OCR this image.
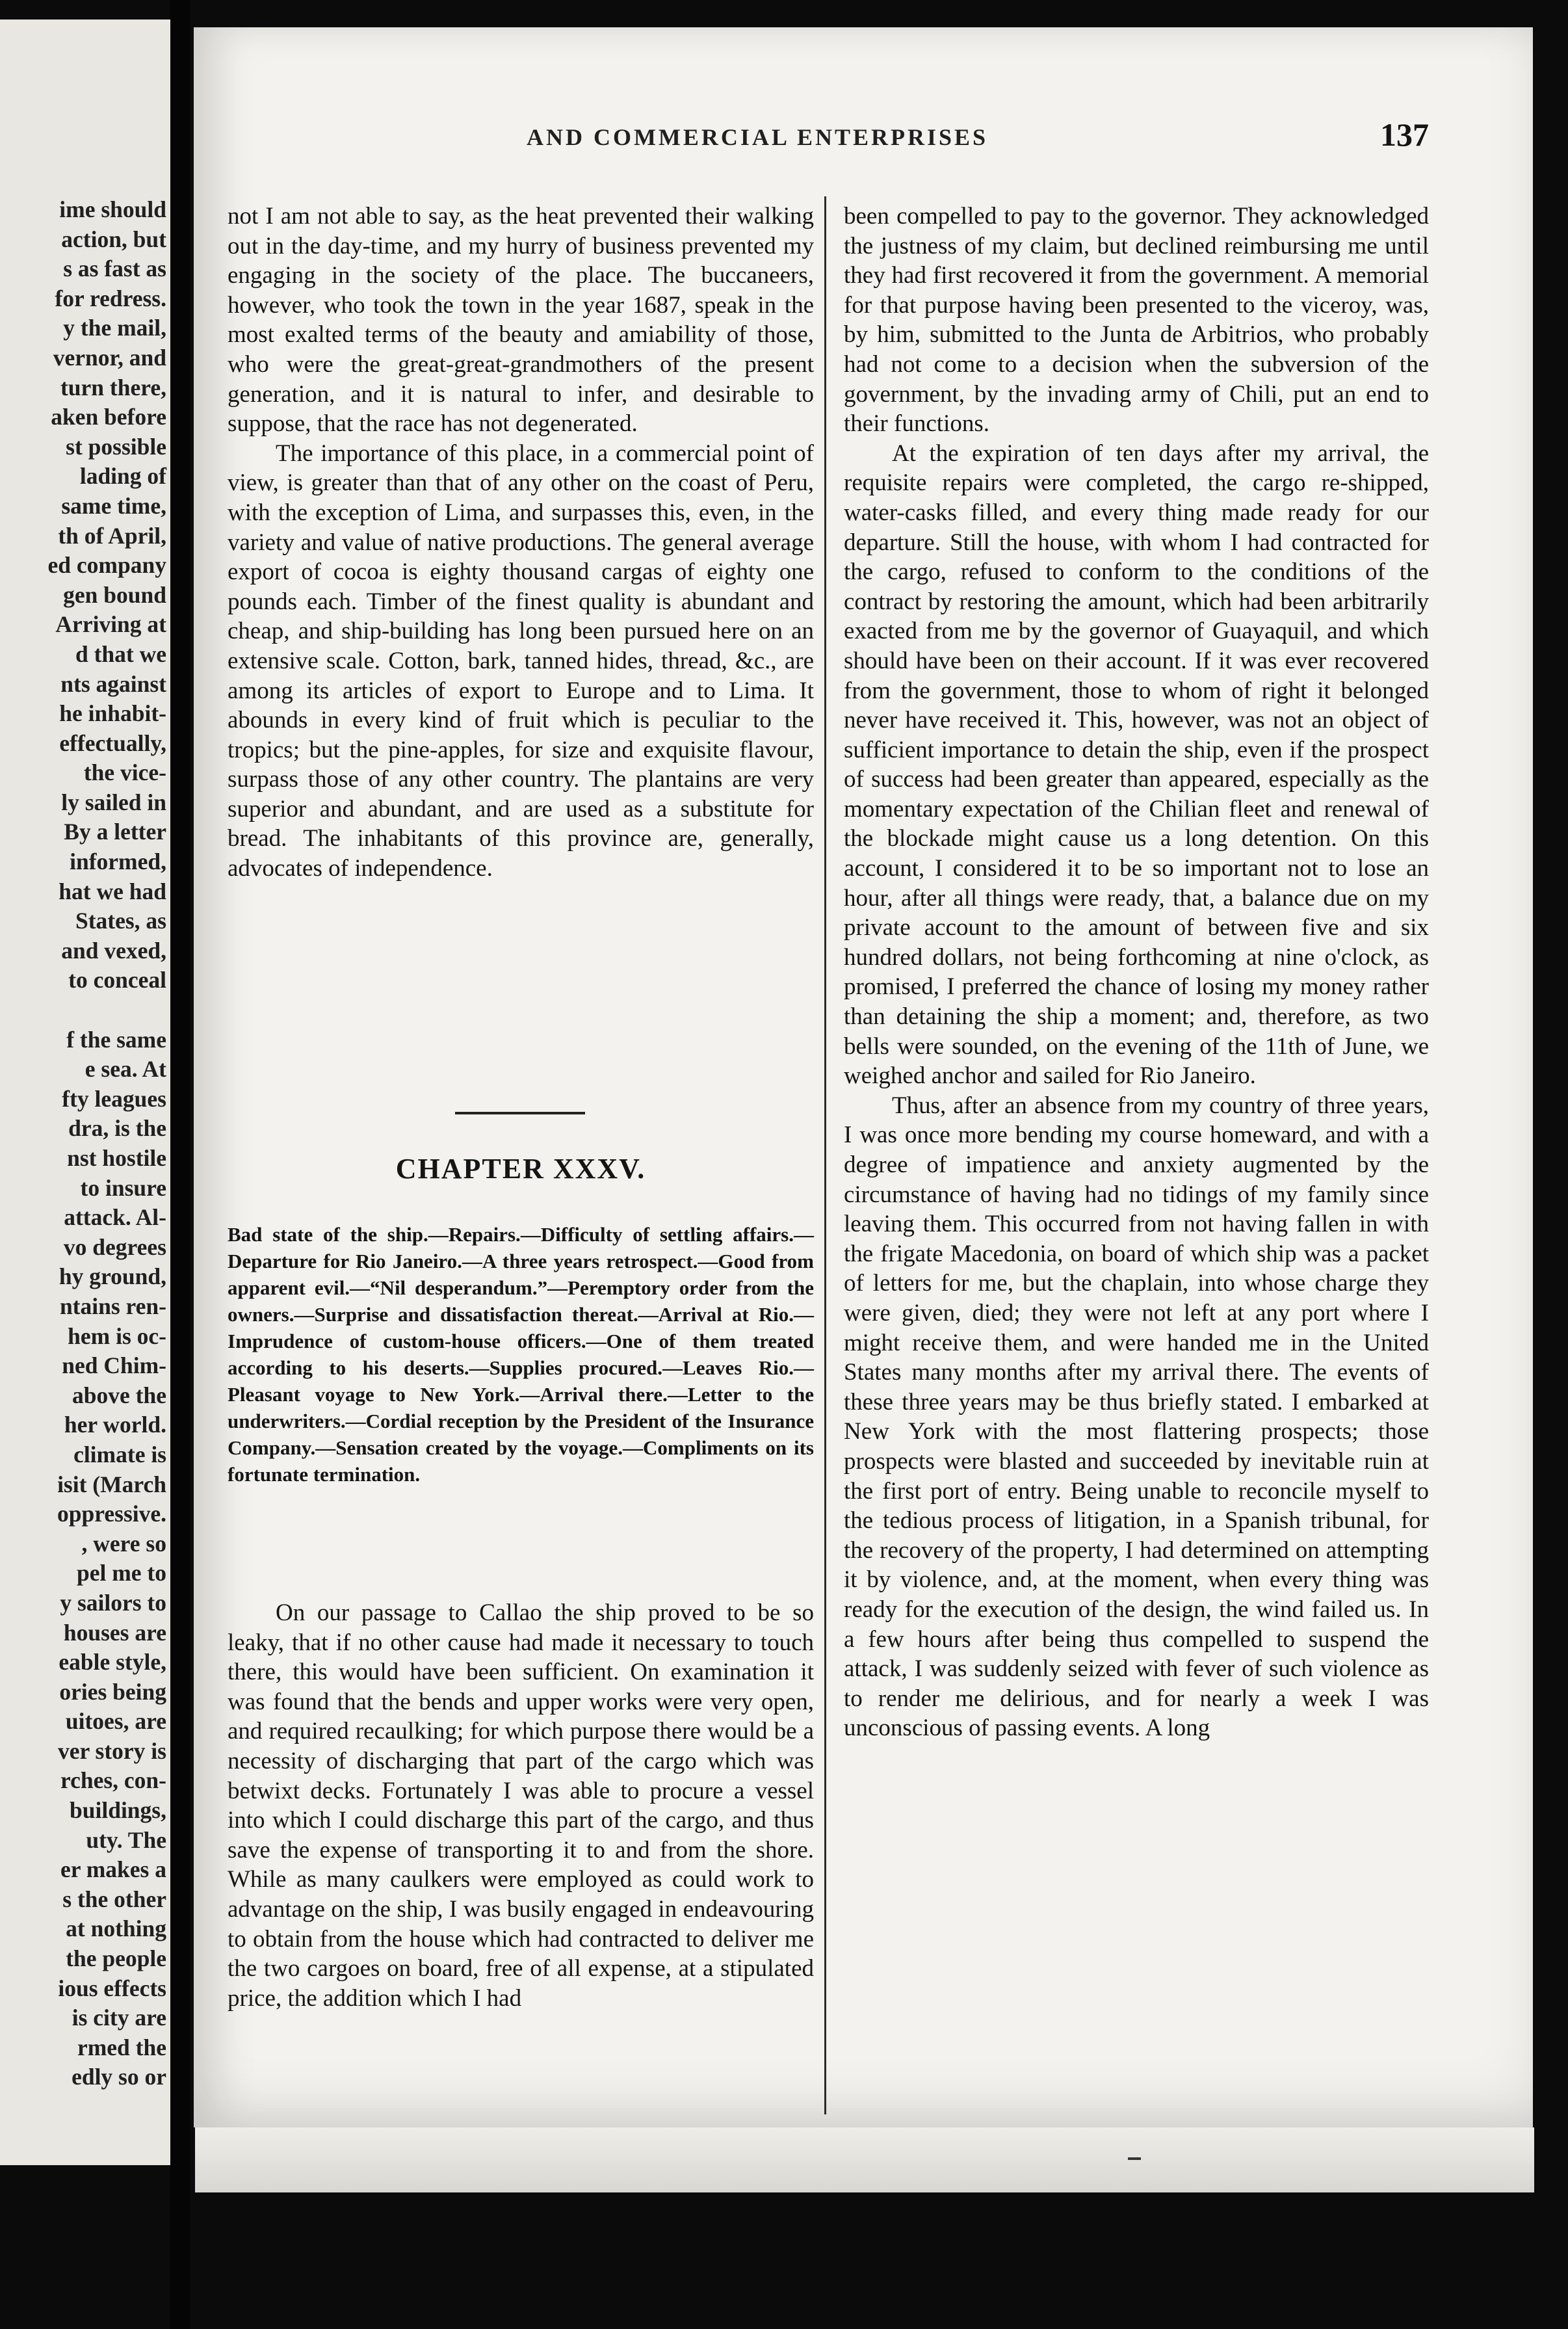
ime should
action, but
s as fast as
for redress.
y the mail,
vernor, and
turn there,
aken before
st possible
lading of
same time,
th of April,
ed company
gen bound
Arriving at
d that we
nts against
he inhabit-
effectually,
the vice-
ly sailed in
By a letter
informed,
hat we had
States, as
and vexed,
to conceal
f the same
e sea. At
fty leagues
dra, is the
nst hostile
to insure
attack. Al-
vo degrees
hy ground,
ntains ren-
hem is oc-
ned Chim-
above the
her world.
climate is
isit (March
oppressive.
, were so
pel me to
y sailors to
houses are
eable style,
ories being
uitoes, are
ver story is
rches, con-
buildings,
uty. The
er makes a
s the other
at nothing
the people
ious effects
is city are
rmed the
edly so or
AND COMMERCIAL ENTERPRISES	137

not I am not able to say, as the heat prevented their walking out in the day-time, and my hurry of business prevented my engaging in the society of the place. The buccaneers, however, who took the town in the year 1687, speak in the most exalted terms of the beauty and amiability of those, who were the great-great-grandmothers of the present generation, and it is natural to infer, and desirable to suppose, that the race has not degenerated.

The importance of this place, in a commercial point of view, is greater than that of any other on the coast of Peru, with the exception of Lima, and surpasses this, even, in the variety and value of native productions. The general average export of cocoa is eighty thousand cargas of eighty one pounds each. Timber of the finest quality is abundant and cheap, and ship-building has long been pursued here on an extensive scale. Cotton, bark, tanned hides, thread, &c., are among its articles of export to Europe and to Lima. It abounds in every kind of fruit which is peculiar to the tropics; but the pine-apples, for size and exquisite flavour, surpass those of any other country. The plantains are very superior and abundant, and are used as a substitute for bread. The inhabitants of this province are, generally, advocates of independence.

CHAPTER XXXV.
Bad state of the ship.—Repairs.—Difficulty of settling affairs.—Departure for Rio Janeiro.—A three years retrospect.—Good from apparent evil.—“Nil desperandum.”—Peremptory order from the owners.—Surprise and dissatisfaction thereat.—Arrival at Rio.—Imprudence of custom-house officers.—One of them treated according to his deserts.—Supplies procured.—Leaves Rio.—Pleasant voyage to New York.—Arrival there.—Letter to the underwriters.—Cordial reception by the President of the Insurance Company.—Sensation created by the voyage.—Compliments on its fortunate termination.

On our passage to Callao the ship proved to be so leaky, that if no other cause had made it necessary to touch there, this would have been sufficient. On examination it was found that the bends and upper works were very open, and required recaulking; for which purpose there would be a necessity of discharging that part of the cargo which was betwixt decks. Fortunately I was able to procure a vessel into which I could discharge this part of the cargo, and thus save the expense of transporting it to and from the shore. While as many caulkers were employed as could work to advantage on the ship, I was busily engaged in endeavouring to obtain from the house which had contracted to deliver me the two cargoes on board, free of all expense, at a stipulated price, the addition which I had

been compelled to pay to the governor. They acknowledged the justness of my claim, but declined reimbursing me until they had first recovered it from the government. A memorial for that purpose having been presented to the viceroy, was, by him, submitted to the Junta de Arbitrios, who probably had not come to a decision when the subversion of the government, by the invading army of Chili, put an end to their functions.

At the expiration of ten days after my arrival, the requisite repairs were completed, the cargo re-shipped, water-casks filled, and every thing made ready for our departure. Still the house, with whom I had contracted for the cargo, refused to conform to the conditions of the contract by restoring the amount, which had been arbitrarily exacted from me by the governor of Guayaquil, and which should have been on their account. If it was ever recovered from the government, those to whom of right it belonged never have received it. This, however, was not an object of sufficient importance to detain the ship, even if the prospect of success had been greater than appeared, especially as the momentary expectation of the Chilian fleet and renewal of the blockade might cause us a long detention. On this account, I considered it to be so important not to lose an hour, after all things were ready, that, a balance due on my private account to the amount of between five and six hundred dollars, not being forthcoming at nine o'clock, as promised, I preferred the chance of losing my money rather than detaining the ship a moment; and, therefore, as two bells were sounded, on the evening of the 11th of June, we weighed anchor and sailed for Rio Janeiro.

Thus, after an absence from my country of three years, I was once more bending my course homeward, and with a degree of impatience and anxiety augmented by the circumstance of having had no tidings of my family since leaving them. This occurred from not having fallen in with the frigate Macedonia, on board of which ship was a packet of letters for me, but the chaplain, into whose charge they were given, died; they were not left at any port where I might receive them, and were handed me in the United States many months after my arrival there. The events of these three years may be thus briefly stated. I embarked at New York with the most flattering prospects; those prospects were blasted and succeeded by inevitable ruin at the first port of entry. Being unable to reconcile myself to the tedious process of litigation, in a Spanish tribunal, for the recovery of the property, I had determined on attempting it by violence, and, at the moment, when every thing was ready for the execution of the design, the wind failed us. In a few hours after being thus compelled to suspend the attack, I was suddenly seized with fever of such violence as to render me delirious, and for nearly a week I was unconscious of passing events. A long
